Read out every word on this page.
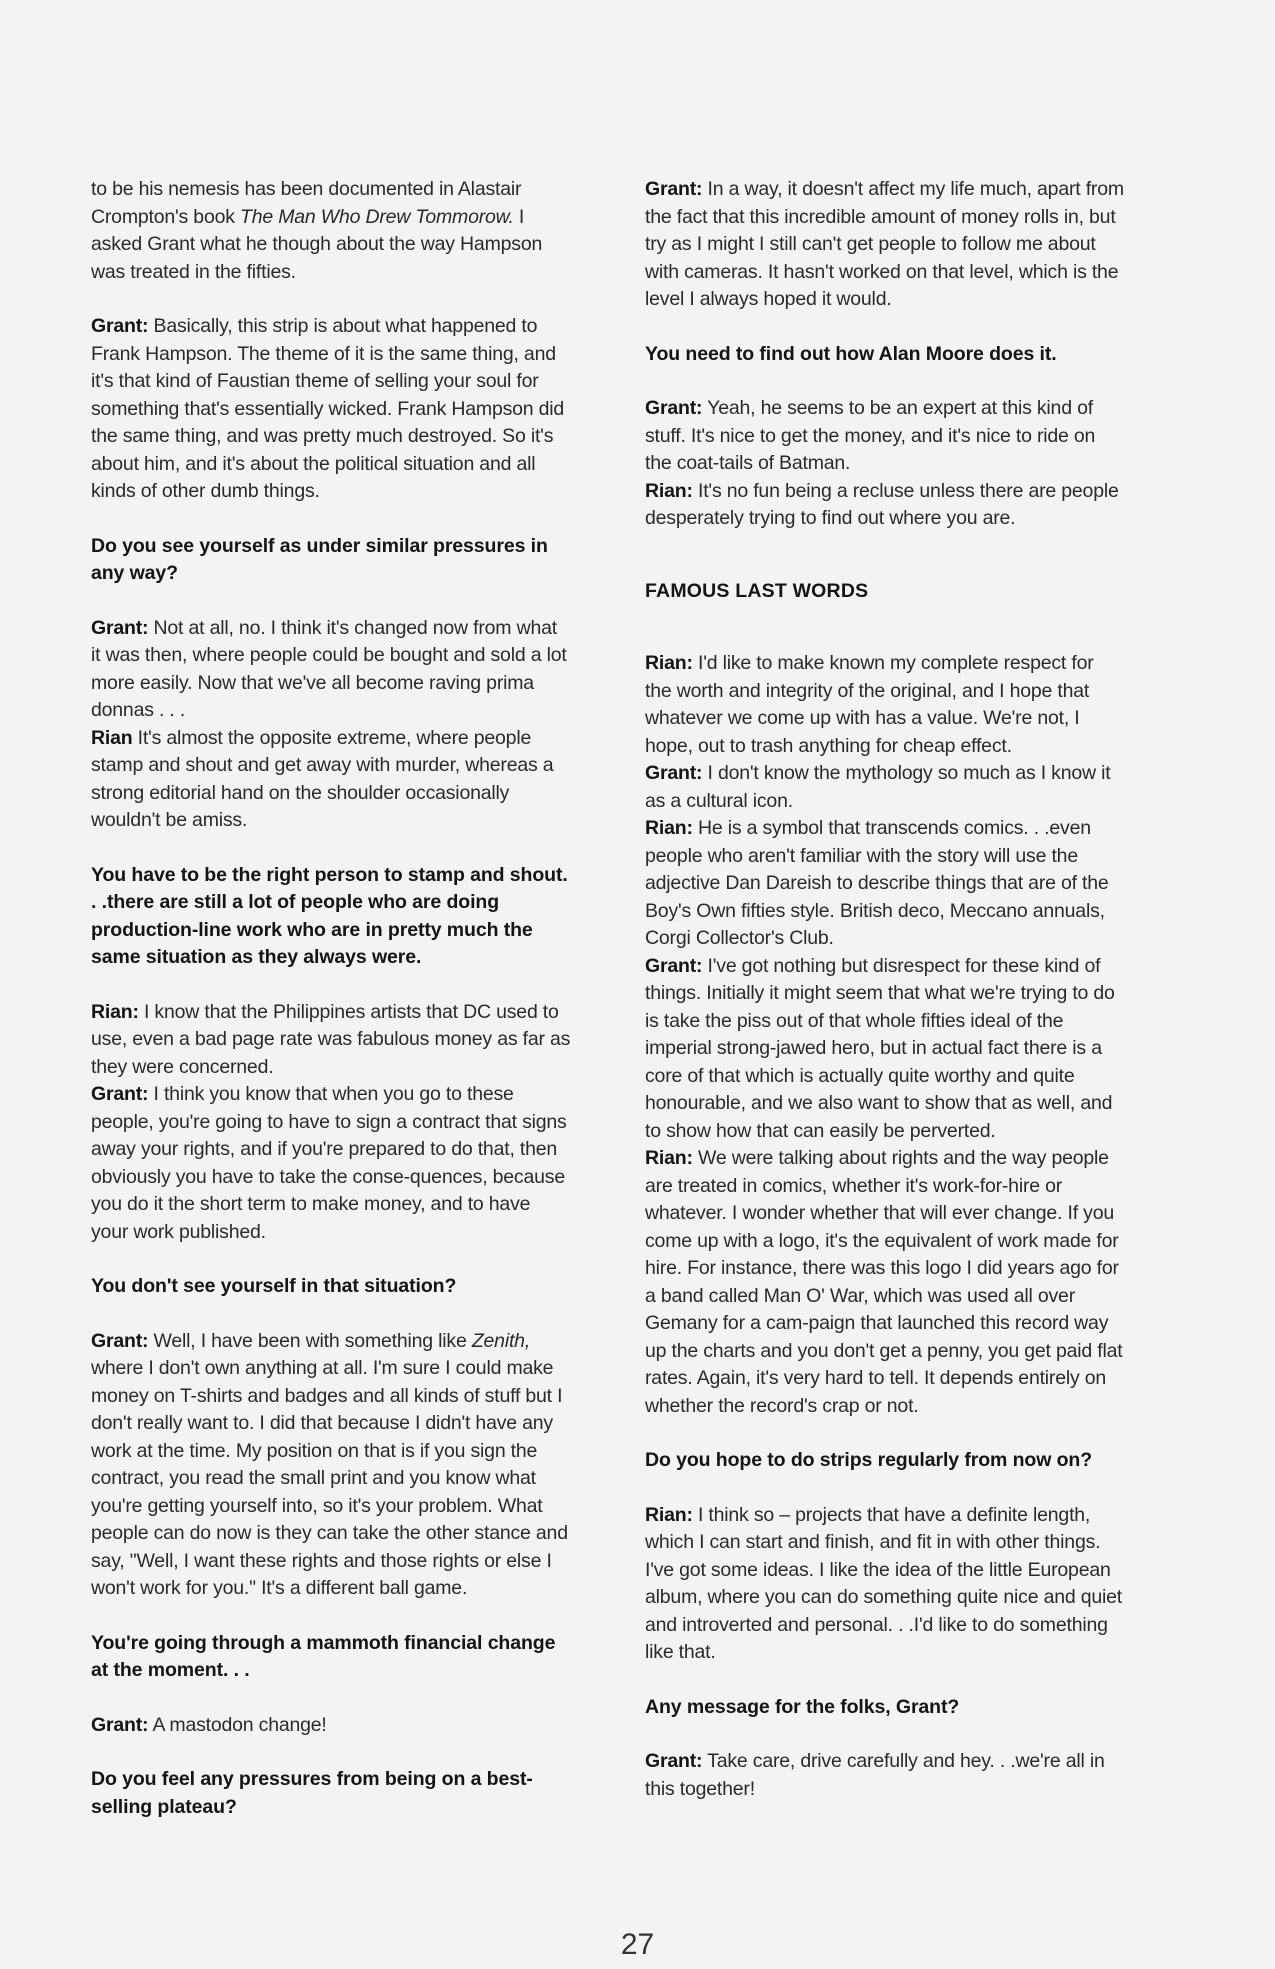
to be his nemesis has been documented in Alastair Crompton's book The Man Who Drew Tommorow. I asked Grant what he though about the way Hampson was treated in the fifties.

Grant: Basically, this strip is about what happened to Frank Hampson. The theme of it is the same thing, and it's that kind of Faustian theme of selling your soul for something that's essentially wicked. Frank Hampson did the same thing, and was pretty much destroyed. So it's about him, and it's about the political situation and all kinds of other dumb things.

Do you see yourself as under similar pressures in any way?

Grant: Not at all, no. I think it's changed now from what it was then, where people could be bought and sold a lot more easily. Now that we've all become raving prima donnas . . .

Rian It's almost the opposite extreme, where people stamp and shout and get away with murder, whereas a strong editorial hand on the shoulder occasionally wouldn't be amiss.

You have to be the right person to stamp and shout. . .there are still a lot of people who are doing production-line work who are in pretty much the same situation as they always were.

Rian: I know that the Philippines artists that DC used to use, even a bad page rate was fabulous money as far as they were concerned.

Grant: I think you know that when you go to these people, you're going to have to sign a contract that signs away your rights, and if you're prepared to do that, then obviously you have to take the conse-quences, because you do it the short term to make money, and to have your work published.

You don't see yourself in that situation?

Grant: Well, I have been with something like Zenith, where I don't own anything at all. I'm sure I could make money on T-shirts and badges and all kinds of stuff but I don't really want to. I did that because I didn't have any work at the time. My position on that is if you sign the contract, you read the small print and you know what you're getting yourself into, so it's your problem. What people can do now is they can take the other stance and say, "Well, I want these rights and those rights or else I won't work for you." It's a different ball game.

You're going through a mammoth financial change at the moment. . .

Grant: A mastodon change!

Do you feel any pressures from being on a best-selling plateau?

Grant: In a way, it doesn't affect my life much, apart from the fact that this incredible amount of money rolls in, but try as I might I still can't get people to follow me about with cameras. It hasn't worked on that level, which is the level I always hoped it would.

You need to find out how Alan Moore does it.

Grant: Yeah, he seems to be an expert at this kind of stuff. It's nice to get the money, and it's nice to ride on the coat-tails of Batman.

Rian: It's no fun being a recluse unless there are people desperately trying to find out where you are.

FAMOUS LAST WORDS

Rian: I'd like to make known my complete respect for the worth and integrity of the original, and I hope that whatever we come up with has a value. We're not, I hope, out to trash anything for cheap effect.

Grant: I don't know the mythology so much as I know it as a cultural icon.

Rian: He is a symbol that transcends comics. . .even people who aren't familiar with the story will use the adjective Dan Dareish to describe things that are of the Boy's Own fifties style. British deco, Meccano annuals, Corgi Collector's Club.

Grant: I've got nothing but disrespect for these kind of things. Initially it might seem that what we're trying to do is take the piss out of that whole fifties ideal of the imperial strong-jawed hero, but in actual fact there is a core of that which is actually quite worthy and quite honourable, and we also want to show that as well, and to show how that can easily be perverted.

Rian: We were talking about rights and the way people are treated in comics, whether it's work-for-hire or whatever. I wonder whether that will ever change. If you come up with a logo, it's the equivalent of work made for hire. For instance, there was this logo I did years ago for a band called Man O' War, which was used all over Gemany for a cam-paign that launched this record way up the charts and you don't get a penny, you get paid flat rates. Again, it's very hard to tell. It depends entirely on whether the record's crap or not.

Do you hope to do strips regularly from now on?

Rian: I think so – projects that have a definite length, which I can start and finish, and fit in with other things. I've got some ideas. I like the idea of the little European album, where you can do something quite nice and quiet and introverted and personal. . .I'd like to do something like that.

Any message for the folks, Grant?

Grant: Take care, drive carefully and hey. . .we're all in this together!

27
